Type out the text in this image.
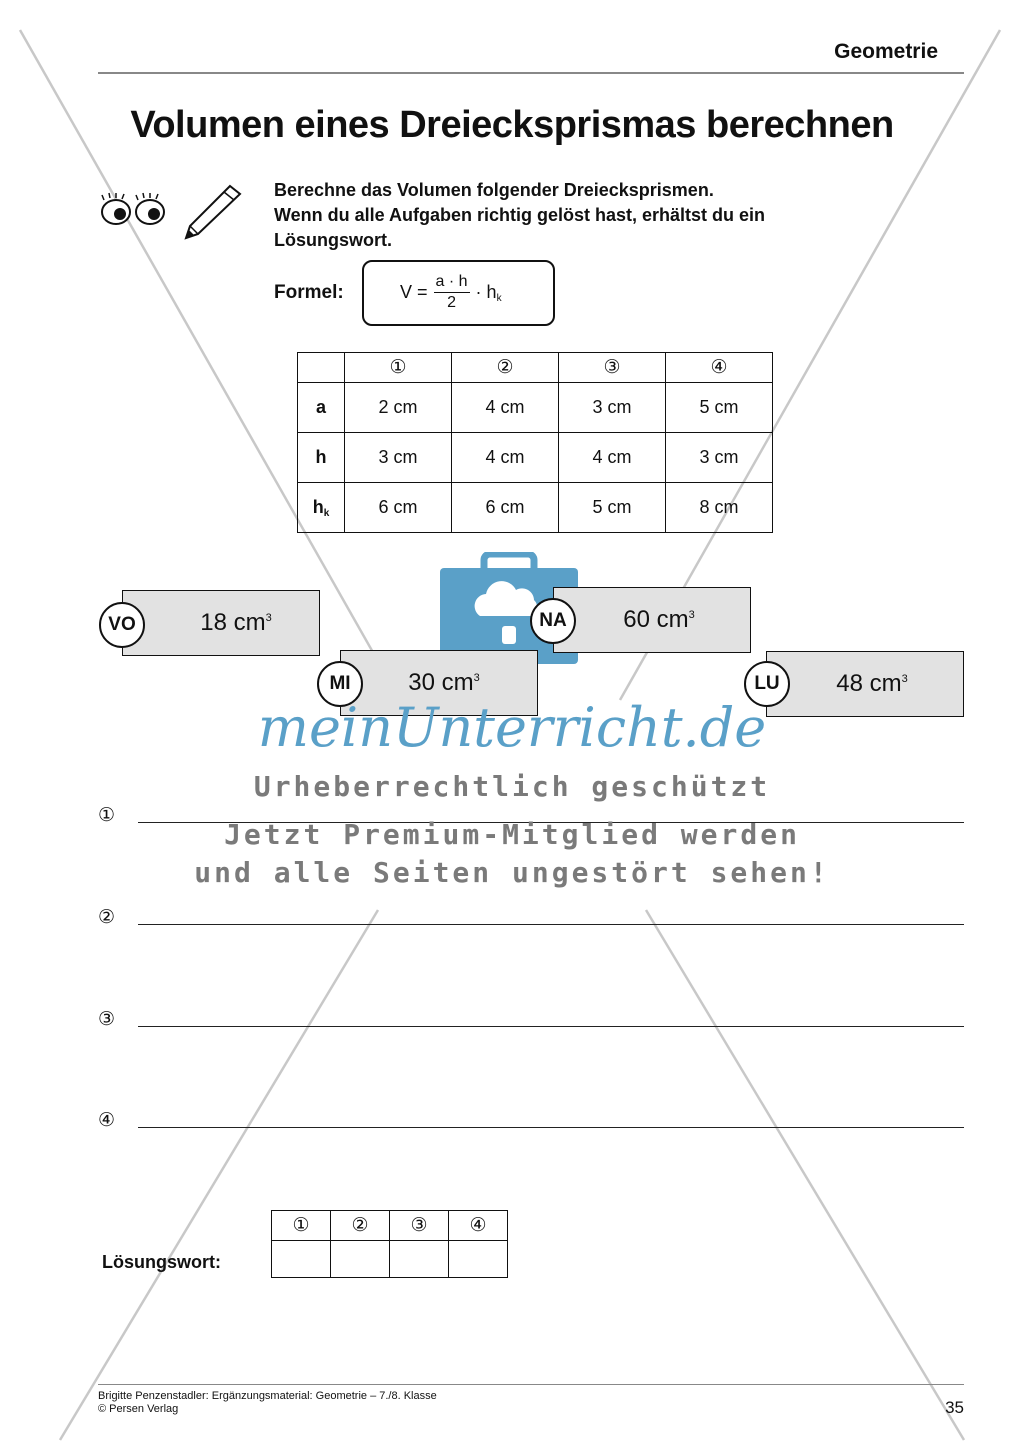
Geometrie
Volumen eines Dreiecksprismas berechnen
Berechne das Volumen folgender Dreiecksprismen.
Wenn du alle Aufgaben richtig gelöst hast, erhältst du ein
Lösungswort.
Formel:	$V = \frac{a \cdot h}{2} \cdot h_k$
	①	②	③	④
a	2 cm	4 cm	3 cm	5 cm
h	3 cm	4 cm	4 cm	3 cm
$h_k$	6 cm	6 cm	5 cm	8 cm
18 $cm^3$
VO	60 $cm^3$
NA
30 $cm^3$
MI	48 $cm^3$
LU
meinUnterricht.de
Urheberrechtlich geschützt
①
Jetzt Premium-Mitglied werden
und alle Seiten ungestört sehen!
②
③
④
Lösungswort:
①	②	③	④

Brigitte Penzenstadler: Ergänzungsmaterial: Geometrie – 7./8. Klasse
© Persen Verlag	35
